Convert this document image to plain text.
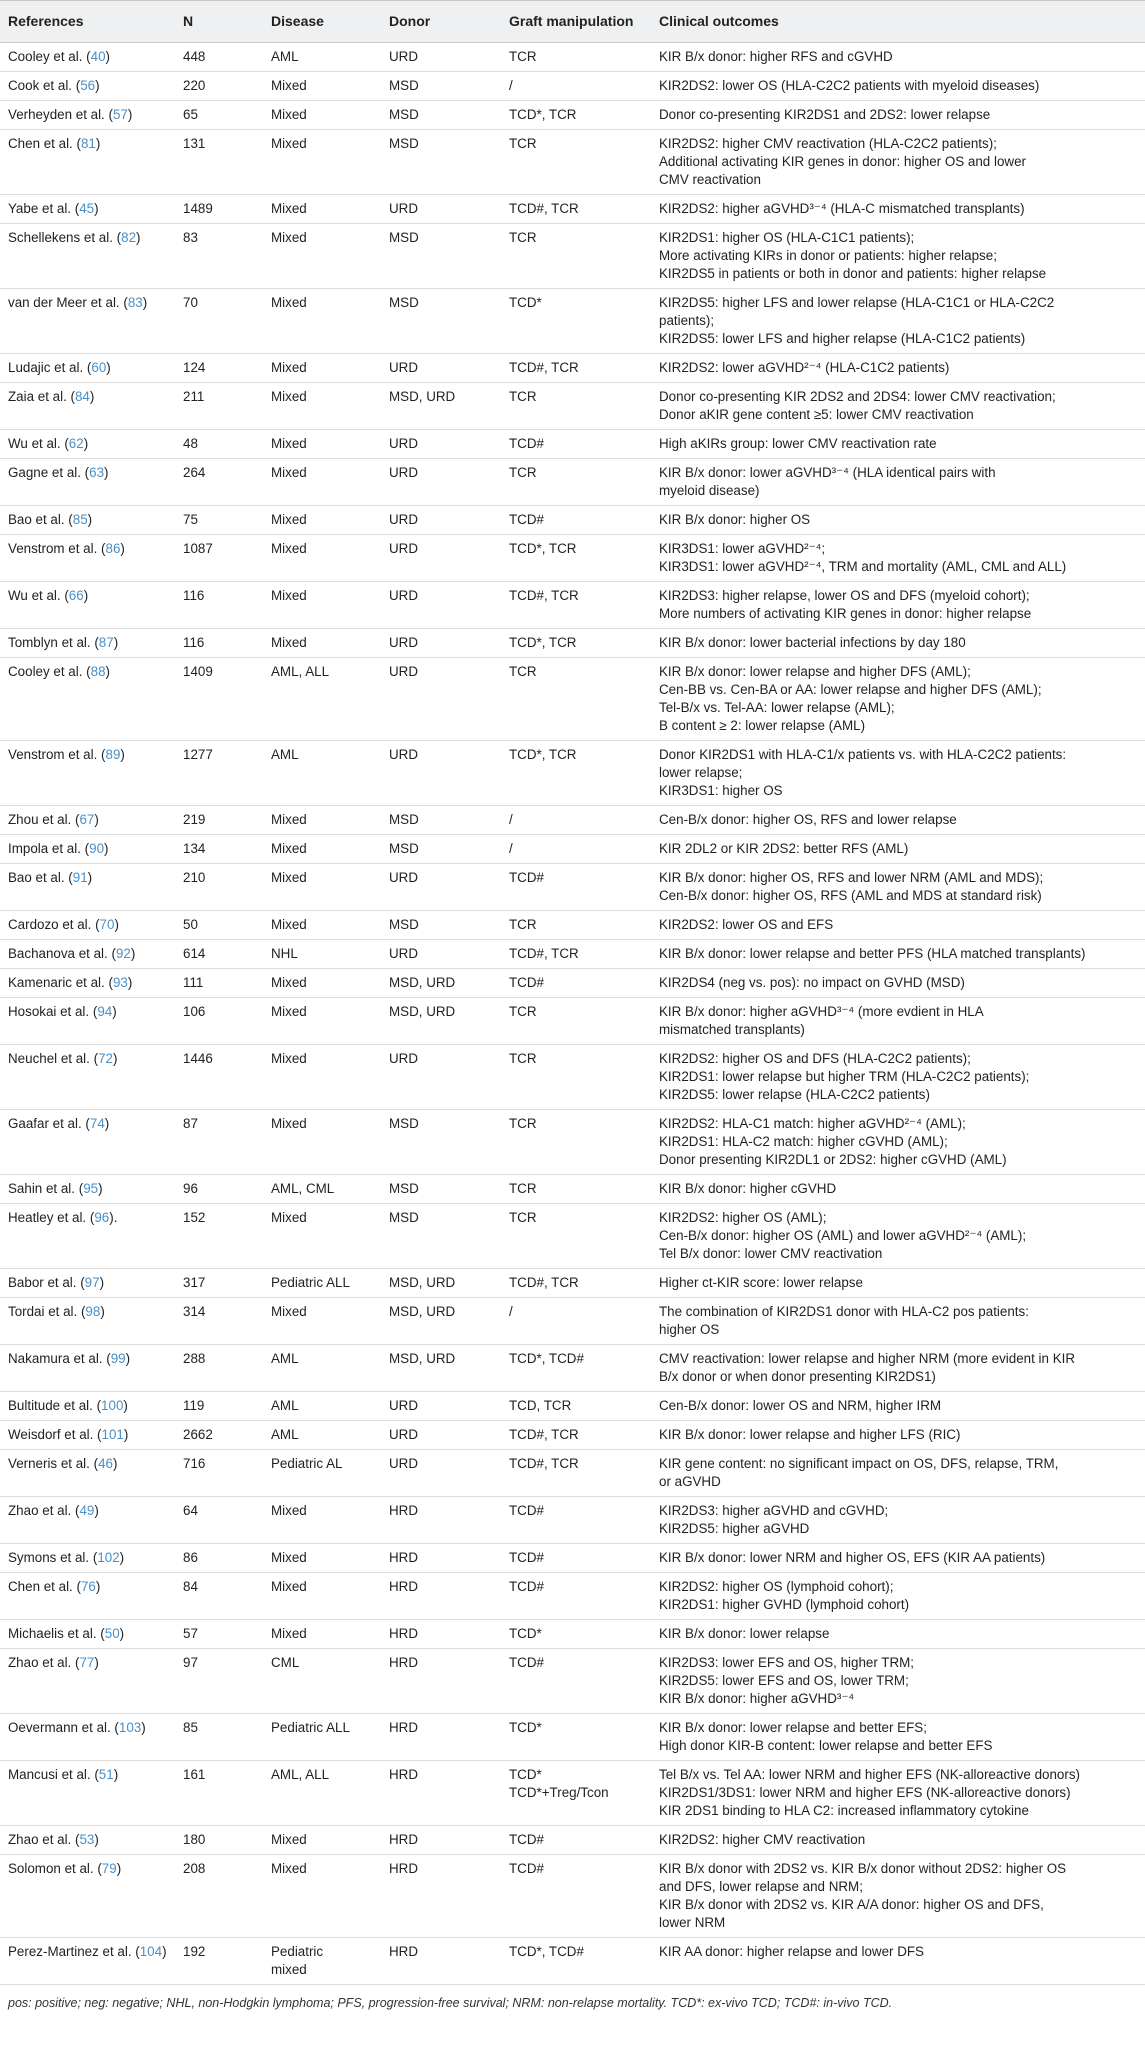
References	N	Disease	Donor	Graft manipulation	Clinical outcomes
Cooley et al. (40)	448	AML	URD	TCR	KIR B/x donor: higher RFS and cGVHD

Cook et al. (56)	220	Mixed	MSD	/	KIR2DS2: lower OS (HLA-C2C2 patients with myeloid diseases)

Verheyden et al. (57)	65	Mixed	MSD	TCD*, TCR	Donor co-presenting KIR2DS1 and 2DS2: lower relapse

Chen et al. (81)	131	Mixed	MSD	TCR	KIR2DS2: higher CMV reactivation (HLA-C2C2 patients);
Additional activating KIR genes in donor: higher OS and lower
CMV reactivation

Yabe et al. (45)	1489	Mixed	URD	TCD#, TCR	KIR2DS2: higher aGVHD³⁻⁴ (HLA-C mismatched transplants)

Schellekens et al. (82)	83	Mixed	MSD	TCR	KIR2DS1: higher OS (HLA-C1C1 patients);
More activating KIRs in donor or patients: higher relapse;
KIR2DS5 in patients or both in donor and patients: higher relapse

van der Meer et al. (83)	70	Mixed	MSD	TCD*	KIR2DS5: higher LFS and lower relapse (HLA-C1C1 or HLA-C2C2
patients);
KIR2DS5: lower LFS and higher relapse (HLA-C1C2 patients)

Ludajic et al. (60)	124	Mixed	URD	TCD#, TCR	KIR2DS2: lower aGVHD²⁻⁴ (HLA-C1C2 patients)

Zaia et al. (84)	211	Mixed	MSD, URD	TCR	Donor co-presenting KIR 2DS2 and 2DS4: lower CMV reactivation;
Donor aKIR gene content ≥5: lower CMV reactivation

Wu et al. (62)	48	Mixed	URD	TCD#	High aKIRs group: lower CMV reactivation rate

Gagne et al. (63)	264	Mixed	URD	TCR	KIR B/x donor: lower aGVHD³⁻⁴ (HLA identical pairs with
myeloid disease)

Bao et al. (85)	75	Mixed	URD	TCD#	KIR B/x donor: higher OS

Venstrom et al. (86)	1087	Mixed	URD	TCD*, TCR	KIR3DS1: lower aGVHD²⁻⁴;
KIR3DS1: lower aGVHD²⁻⁴, TRM and mortality (AML, CML and ALL)

Wu et al. (66)	116	Mixed	URD	TCD#, TCR	KIR2DS3: higher relapse, lower OS and DFS (myeloid cohort);
More numbers of activating KIR genes in donor: higher relapse

Tomblyn et al. (87)	116	Mixed	URD	TCD*, TCR	KIR B/x donor: lower bacterial infections by day 180

Cooley et al. (88)	1409	AML, ALL	URD	TCR	KIR B/x donor: lower relapse and higher DFS (AML);
Cen-BB vs. Cen-BA or AA: lower relapse and higher DFS (AML);
Tel-B/x vs. Tel-AA: lower relapse (AML);
B content ≥ 2: lower relapse (AML)

Venstrom et al. (89)	1277	AML	URD	TCD*, TCR	Donor KIR2DS1 with HLA-C1/x patients vs. with HLA-C2C2 patients:
lower relapse;
KIR3DS1: higher OS

Zhou et al. (67)	219	Mixed	MSD	/	Cen-B/x donor: higher OS, RFS and lower relapse

Impola et al. (90)	134	Mixed	MSD	/	KIR 2DL2 or KIR 2DS2: better RFS (AML)

Bao et al. (91)	210	Mixed	URD	TCD#	KIR B/x donor: higher OS, RFS and lower NRM (AML and MDS);
Cen-B/x donor: higher OS, RFS (AML and MDS at standard risk)

Cardozo et al. (70)	50	Mixed	MSD	TCR	KIR2DS2: lower OS and EFS

Bachanova et al. (92)	614	NHL	URD	TCD#, TCR	KIR B/x donor: lower relapse and better PFS (HLA matched transplants)

Kamenaric et al. (93)	111	Mixed	MSD, URD	TCD#	KIR2DS4 (neg vs. pos): no impact on GVHD (MSD)

Hosokai et al. (94)	106	Mixed	MSD, URD	TCR	KIR B/x donor: higher aGVHD³⁻⁴ (more evdient in HLA
mismatched transplants)

Neuchel et al. (72)	1446	Mixed	URD	TCR	KIR2DS2: higher OS and DFS (HLA-C2C2 patients);
KIR2DS1: lower relapse but higher TRM (HLA-C2C2 patients);
KIR2DS5: lower relapse (HLA-C2C2 patients)

Gaafar et al. (74)	87	Mixed	MSD	TCR	KIR2DS2: HLA-C1 match: higher aGVHD²⁻⁴ (AML);
KIR2DS1: HLA-C2 match: higher cGVHD (AML);
Donor presenting KIR2DL1 or 2DS2: higher cGVHD (AML)

Sahin et al. (95)	96	AML, CML	MSD	TCR	KIR B/x donor: higher cGVHD

Heatley et al. (96).	152	Mixed	MSD	TCR	KIR2DS2: higher OS (AML);
Cen-B/x donor: higher OS (AML) and lower aGVHD²⁻⁴ (AML);
Tel B/x donor: lower CMV reactivation

Babor et al. (97)	317	Pediatric ALL	MSD, URD	TCD#, TCR	Higher ct-KIR score: lower relapse

Tordai et al. (98)	314	Mixed	MSD, URD	/	The combination of KIR2DS1 donor with HLA-C2 pos patients:
higher OS

Nakamura et al. (99)	288	AML	MSD, URD	TCD*, TCD#	CMV reactivation: lower relapse and higher NRM (more evident in KIR
B/x donor or when donor presenting KIR2DS1)

Bultitude et al. (100)	119	AML	URD	TCD, TCR	Cen-B/x donor: lower OS and NRM, higher IRM

Weisdorf et al. (101)	2662	AML	URD	TCD#, TCR	KIR B/x donor: lower relapse and higher LFS (RIC)

Verneris et al. (46)	716	Pediatric AL	URD	TCD#, TCR	KIR gene content: no significant impact on OS, DFS, relapse, TRM,
or aGVHD

Zhao et al. (49)	64	Mixed	HRD	TCD#	KIR2DS3: higher aGVHD and cGVHD;
KIR2DS5: higher aGVHD

Symons et al. (102)	86	Mixed	HRD	TCD#	KIR B/x donor: lower NRM and higher OS, EFS (KIR AA patients)

Chen et al. (76)	84	Mixed	HRD	TCD#	KIR2DS2: higher OS (lymphoid cohort);
KIR2DS1: higher GVHD (lymphoid cohort)

Michaelis et al. (50)	57	Mixed	HRD	TCD*	KIR B/x donor: lower relapse

Zhao et al. (77)	97	CML	HRD	TCD#	KIR2DS3: lower EFS and OS, higher TRM;
KIR2DS5: lower EFS and OS, lower TRM;
KIR B/x donor: higher aGVHD³⁻⁴

Oevermann et al. (103)	85	Pediatric ALL	HRD	TCD*	KIR B/x donor: lower relapse and better EFS;
High donor KIR-B content: lower relapse and better EFS

Mancusi et al. (51)	161	AML, ALL	HRD	TCD*
TCD*+Treg/Tcon	Tel B/x vs. Tel AA: lower NRM and higher EFS (NK-alloreactive donors)
KIR2DS1/3DS1: lower NRM and higher EFS (NK-alloreactive donors)
KIR 2DS1 binding to HLA C2: increased inflammatory cytokine

Zhao et al. (53)	180	Mixed	HRD	TCD#	KIR2DS2: higher CMV reactivation

Solomon et al. (79)	208	Mixed	HRD	TCD#	KIR B/x donor with 2DS2 vs. KIR B/x donor without 2DS2: higher OS
and DFS, lower relapse and NRM;
KIR B/x donor with 2DS2 vs. KIR A/A donor: higher OS and DFS,
lower NRM

Perez-Martinez et al. (104)	192	Pediatric
mixed	HRD	TCD*, TCD#	KIR AA donor: higher relapse and lower DFS
pos: positive; neg: negative; NHL, non-Hodgkin lymphoma; PFS, progression-free survival; NRM: non-relapse mortality. TCD*: ex-vivo TCD; TCD#: in-vivo TCD.
